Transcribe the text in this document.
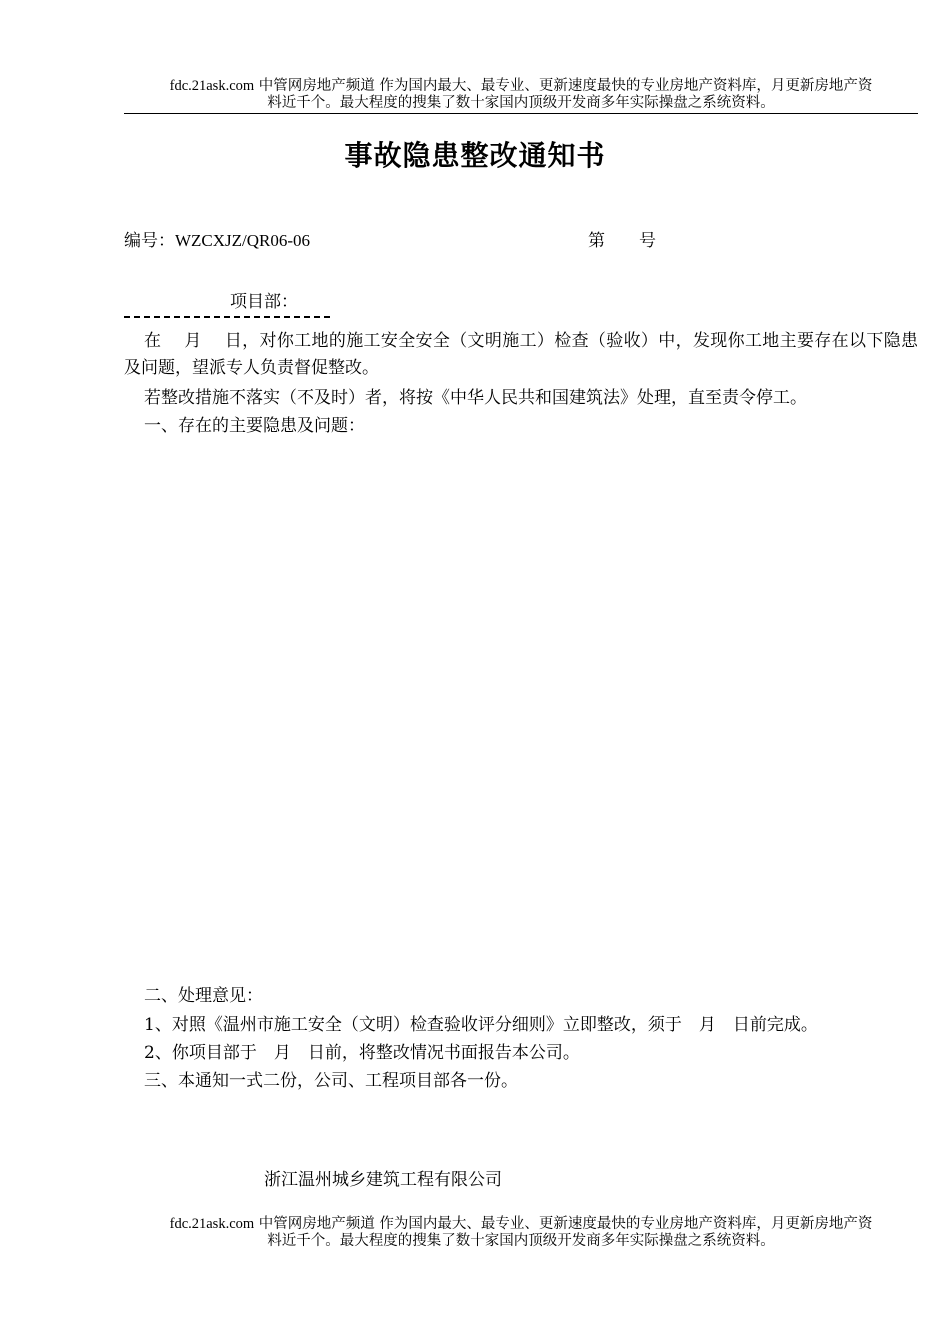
fdc.21ask.com 中管网房地产频道 作为国内最大、最专业、更新速度最快的专业房地产资料库，月更新房地产资
料近千个。最大程度的搜集了数十家国内顶级开发商多年实际操盘之系统资料。
事故隐患整改通知书
编号：WZCXJZ/QR06-06	第　　号
项目部：

在　 月　 日，对你工地的施工安全安全（文明施工）检查（验收）中，发现你工地主要存在以下隐患及问题，望派专人负责督促整改。

若整改措施不落实（不及时）者，将按《中华人民共和国建筑法》处理，直至责令停工。

一、存在的主要隐患及问题：

二、处理意见：

1、对照《温州市施工安全（文明）检查验收评分细则》立即整改，须于　月　日前完成。

2、你项目部于　月　日前，将整改情况书面报告本公司。

三、本通知一式二份，公司、工程项目部各一份。

浙江温州城乡建筑工程有限公司
fdc.21ask.com 中管网房地产频道 作为国内最大、最专业、更新速度最快的专业房地产资料库，月更新房地产资
料近千个。最大程度的搜集了数十家国内顶级开发商多年实际操盘之系统资料。
